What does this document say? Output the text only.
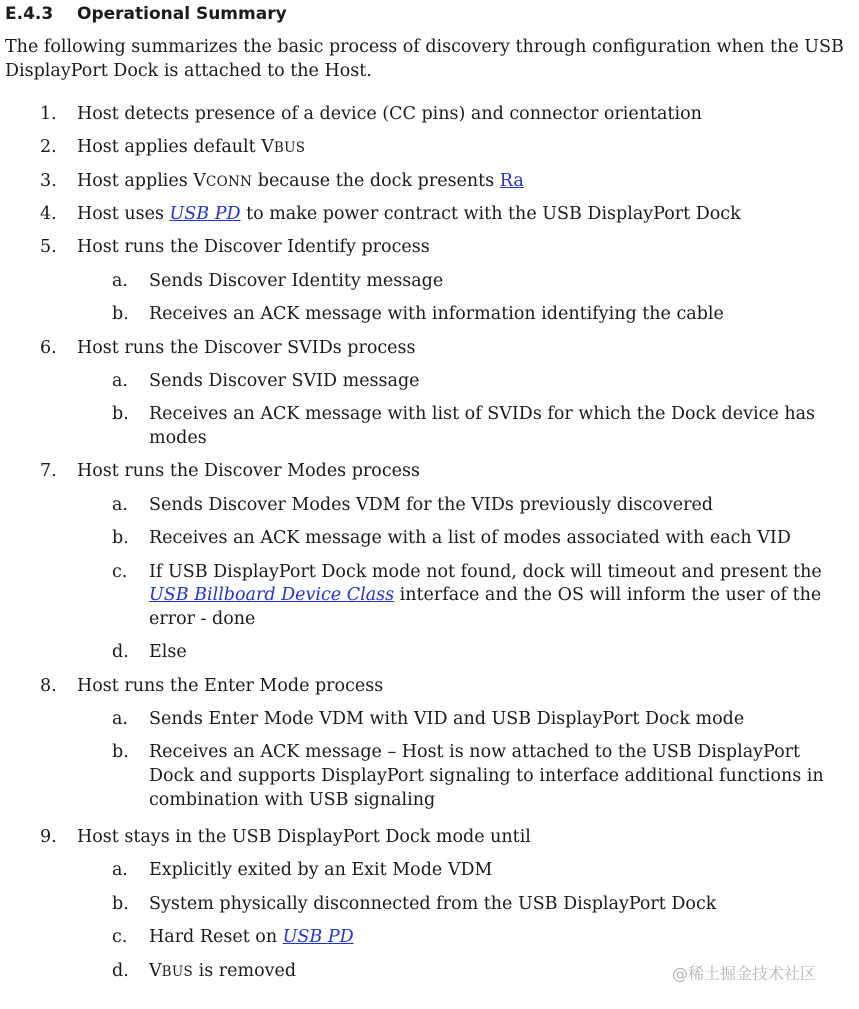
E.4.3 Operational Summary
The following summarizes the basic process of discovery through configuration when the USB DisplayPort Dock is attached to the Host.
1. Host detects presence of a device (CC pins) and connector orientation
2. Host applies default VBUS
3. Host applies VCONN because the dock presents Ra
4. Host uses USB PD to make power contract with the USB DisplayPort Dock
5. Host runs the Discover Identify process
a. Sends Discover Identity message
b. Receives an ACK message with information identifying the cable
6. Host runs the Discover SVIDs process
a. Sends Discover SVID message
b. Receives an ACK message with list of SVIDs for which the Dock device has
modes
7. Host runs the Discover Modes process
a. Sends Discover Modes VDM for the VIDs previously discovered
b. Receives an ACK message with a list of modes associated with each VID
c. If USB DisplayPort Dock mode not found, dock will timeout and present the
USB Billboard Device Class interface and the OS will inform the user of the
error - done
d. Else
8. Host runs the Enter Mode process
a. Sends Enter Mode VDM with VID and USB DisplayPort Dock mode
b. Receives an ACK message – Host is now attached to the USB DisplayPort
Dock and supports DisplayPort signaling to interface additional functions in
combination with USB signaling
9. Host stays in the USB DisplayPort Dock mode until
a. Explicitly exited by an Exit Mode VDM
b. System physically disconnected from the USB DisplayPort Dock
c. Hard Reset on USB PD
d. VBUS is removed	@稀土掘金技术社区
